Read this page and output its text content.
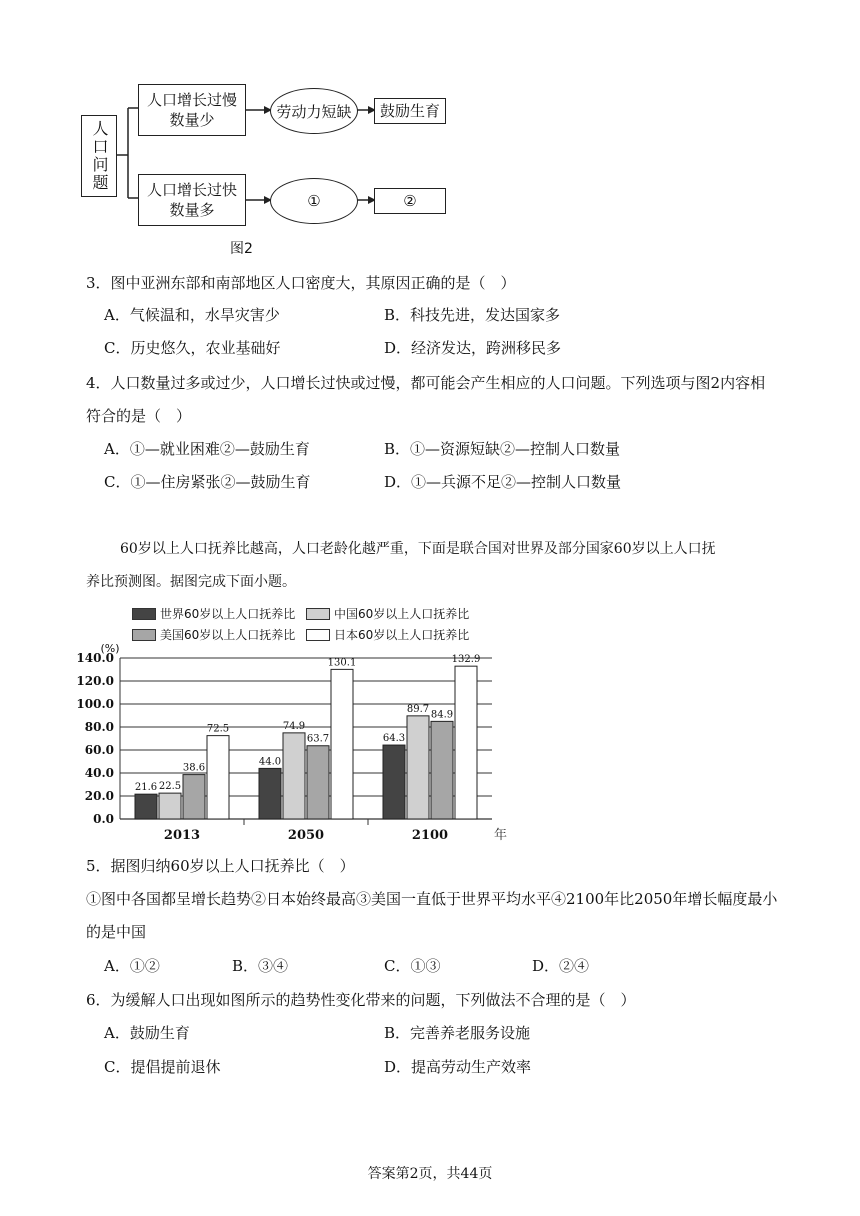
人口问题
人口增长过慢
数量少	劳动力短缺 鼓励生育
人口增长过快
数量多	①	②
图2
3．图中亚洲东部和南部地区人口密度大，其原因正确的是（　）
A．气候温和，水旱灾害少	B．科技先进，发达国家多
C．历史悠久，农业基础好	D．经济发达，跨洲移民多
4．人口数量过多或过少，人口增长过快或过慢，都可能会产生相应的人口问题。下列选项与图2内容相
符合的是（　）
A．①—就业困难②—鼓励生育	B．①—资源短缺②—控制人口数量
C．①—住房紧张②—鼓励生育	D．①—兵源不足②—控制人口数量
60岁以上人口抚养比越高，人口老龄化越严重，下面是联合国对世界及部分国家60岁以上人口抚
养比预测图。据图完成下面小题。
世界60岁以上人口抚养比	中国60岁以上人口抚养比
美国60岁以上人口抚养比	日本60岁以上人口抚养比
0.0
20.0
40.0
60.0
80.0
100.0
120.0
140.0
(%)
21.6 22.5
38.6
72.5
2013
44.0
74.9
63.7
130.1
2050
64.3
89.7
84.9
132.9
2100	年
5．据图归纳60岁以上人口抚养比（　）
①图中各国都呈增长趋势②日本始终最高③美国一直低于世界平均水平④2100年比2050年增长幅度最小
的是中国
A．①②	B．③④	C．①③	D．②④
6．为缓解人口出现如图所示的趋势性变化带来的问题，下列做法不合理的是（　）
A．鼓励生育	B．完善养老服务设施
C．提倡提前退休	D．提高劳动生产效率
答案第2页，共44页
